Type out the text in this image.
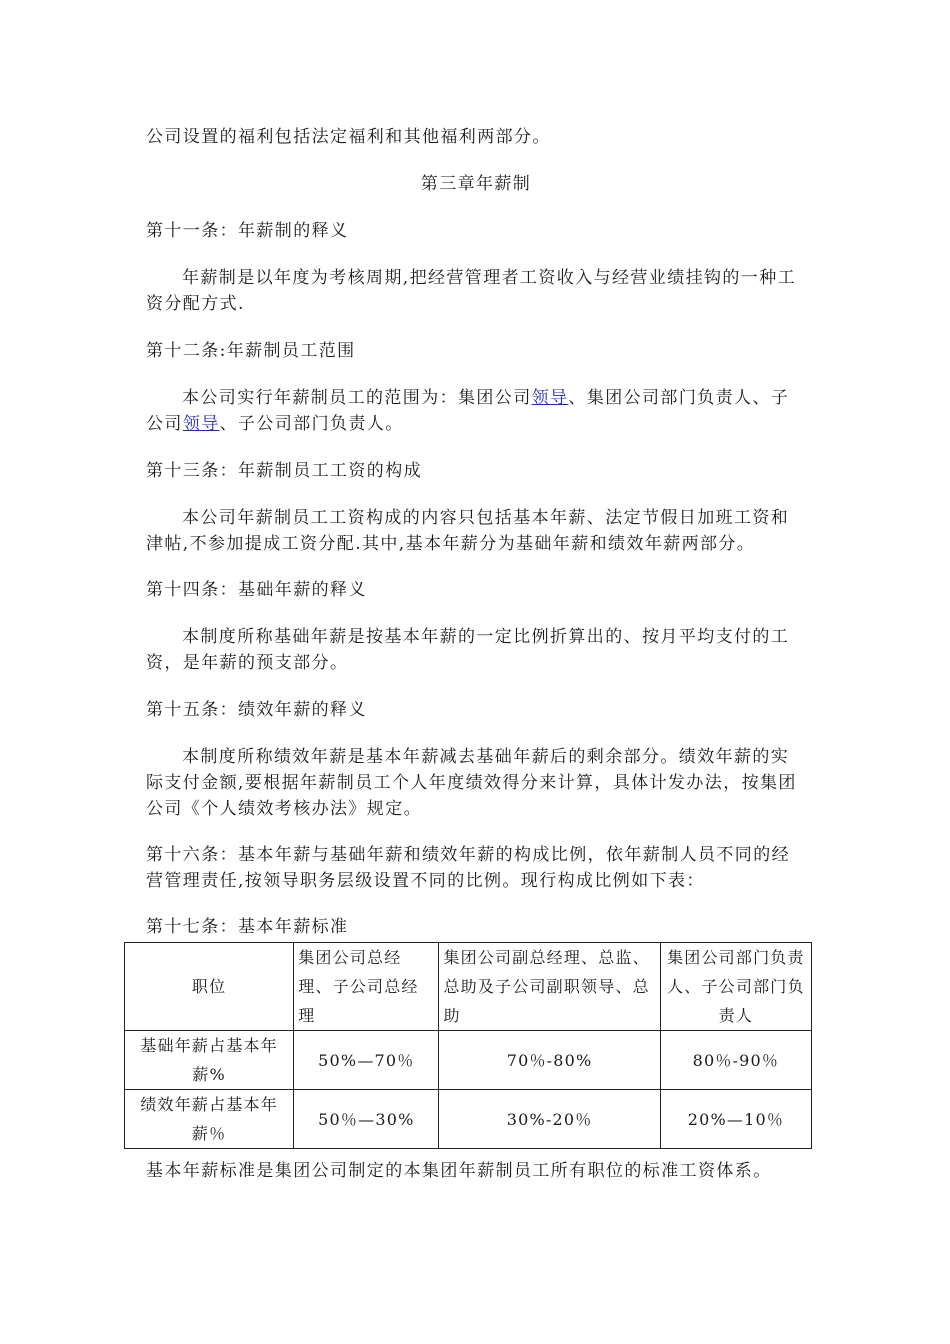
公司设置的福利包括法定福利和其他福利两部分。
第三章年薪制
第十一条：年薪制的释义
年薪制是以年度为考核周期,把经营管理者工资收入与经营业绩挂钩的一种工资分配方式.
第十二条:年薪制员工范围
本公司实行年薪制员工的范围为：集团公司领导、集团公司部门负责人、子公司领导、子公司部门负责人。
第十三条：年薪制员工工资的构成
本公司年薪制员工工资构成的内容只包括基本年薪、法定节假日加班工资和津帖,不参加提成工资分配.其中,基本年薪分为基础年薪和绩效年薪两部分。
第十四条：基础年薪的释义
本制度所称基础年薪是按基本年薪的一定比例折算出的、按月平均支付的工资，是年薪的预支部分。
第十五条：绩效年薪的释义
本制度所称绩效年薪是基本年薪减去基础年薪后的剩余部分。绩效年薪的实际支付金额,要根据年薪制员工个人年度绩效得分来计算，具体计发办法，按集团公司《个人绩效考核办法》规定。
第十六条：基本年薪与基础年薪和绩效年薪的构成比例，依年薪制人员不同的经营管理责任,按领导职务层级设置不同的比例。现行构成比例如下表：
第十七条：基本年薪标准
职位	集团公司总经理、子公司总经理	集团公司副总经理、总监、总助及子公司副职领导、总助	集团公司部门负责人、子公司部门负责人
基础年薪占基本年薪%	50%—70％	70％-80%	80％-90％
绩效年薪占基本年薪％	50％—30%	30%-20％	20%—10％
基本年薪标准是集团公司制定的本集团年薪制员工所有职位的标准工资体系。
